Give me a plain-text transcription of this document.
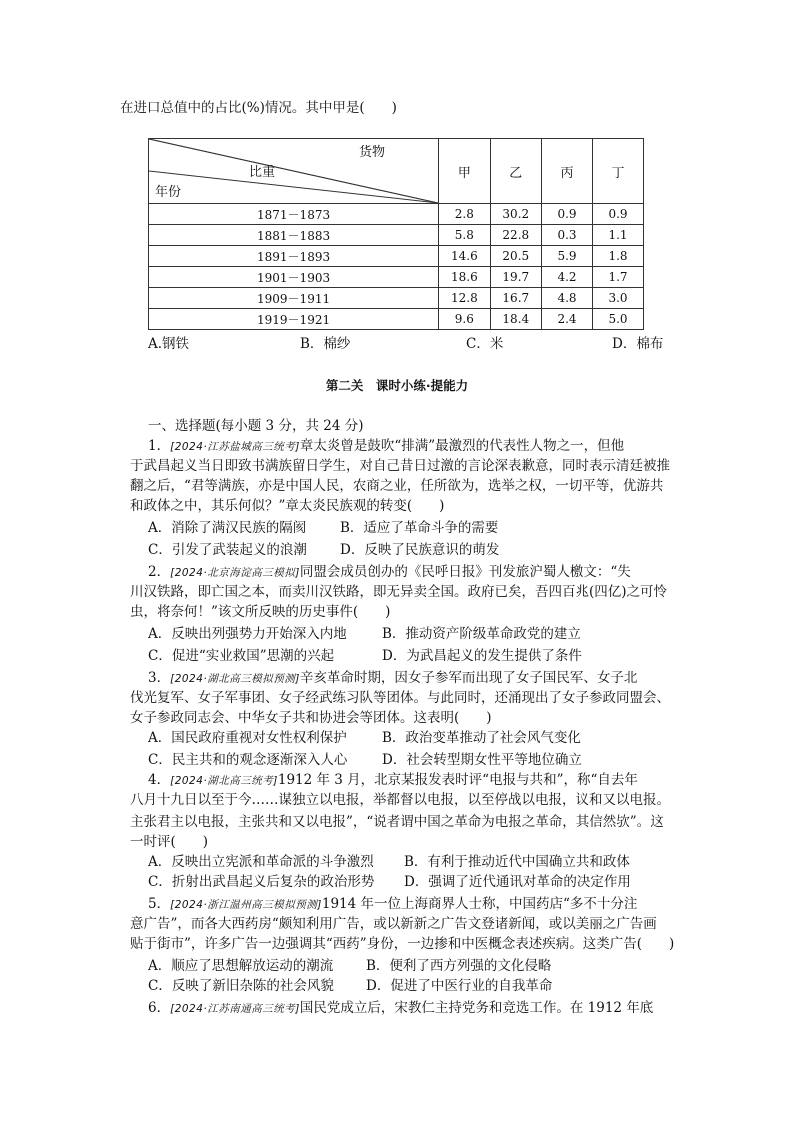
在进口总值中的占比(%)情况。其中甲是(　　)
货物
比重
年份	甲	乙	丙	丁
1871－1873	2.8	30.2	0.9	0.9
1881－1883	5.8	22.8	0.3	1.1
1891－1893	14.6	20.5	5.9	1.8
1901－1903	18.6	19.7	4.2	1.7
1909－1911	12.8	16.7	4.8	3.0
1919－1921	9.6	18.4	2.4	5.0
A.钢铁	B．棉纱	C．米	D．棉布
第二关　课时小练·提能力
一、选择题(每小题 3 分，共 24 分)
1．[2024·江苏盐城高三统考]章太炎曾是鼓吹“排满”最激烈的代表性人物之一，但他
于武昌起义当日即致书满族留日学生，对自己昔日过激的言论深表歉意，同时表示清廷被推
翻之后，“君等满族，亦是中国人民，农商之业，任所欲为，选举之权，一切平等，优游共
和政体之中，其乐何似？”章太炎民族观的转变(　　)
A．消除了满汉民族的隔阂	B．适应了革命斗争的需要
C．引发了武装起义的浪潮 D．反映了民族意识的萌发
2．[2024·北京海淀高三模拟]同盟会成员创办的《民呼日报》刊发旅沪蜀人檄文：“失
川汉铁路，即亡国之本，而卖川汉铁路，即无异卖全国。政府已矣，吾四百兆(四亿)之可怜
虫，将奈何！”该文所反映的历史事件(　　)
A．反映出列强势力开始深入内地	B．推动资产阶级革命政党的建立
C．促进“实业救国”思潮的兴起	D．为武昌起义的发生提供了条件
3．[2024·湖北高三模拟预测]辛亥革命时期，因女子参军而出现了女子国民军、女子北
伐光复军、女子军事团、女子经武练习队等团体。与此同时，还涌现出了女子参政同盟会、
女子参政同志会、中华女子共和协进会等团体。这表明(　　)
A．国民政府重视对女性权利保护	B．政治变革推动了社会风气变化
C．民主共和的观念逐渐深入人心	D．社会转型期女性平等地位确立
4．[2024·湖北高三统考]1912 年 3 月，北京某报发表时评“电报与共和”，称“自去年
八月十九日以至于今……谋独立以电报，举都督以电报，以至停战以电报，议和又以电报。
主张君主以电报，主张共和又以电报”，“说者谓中国之革命为电报之革命，其信然欤”。这
一时评(　　)
A．反映出立宪派和革命派的斗争激烈 B．有利于推动近代中国确立共和政体
C．折射出武昌起义后复杂的政治形势 D．强调了近代通讯对革命的决定作用
5．[2024·浙江温州高三模拟预测]1914 年一位上海商界人士称，中国药店“多不十分注
意广告”，而各大西药房“颇知利用广告，或以新新之广告文登诸新闻，或以美丽之广告画
贴于街市”，许多广告一边强调其“西药”身份，一边掺和中医概念表述疾病。这类广告(　　)
A．顺应了思想解放运动的潮流 B．便利了西方列强的文化侵略
C．反映了新旧杂陈的社会风貌 D．促进了中医行业的自我革命
6．[2024·江苏南通高三统考]国民党成立后，宋教仁主持党务和竞选工作。在 1912 年底
